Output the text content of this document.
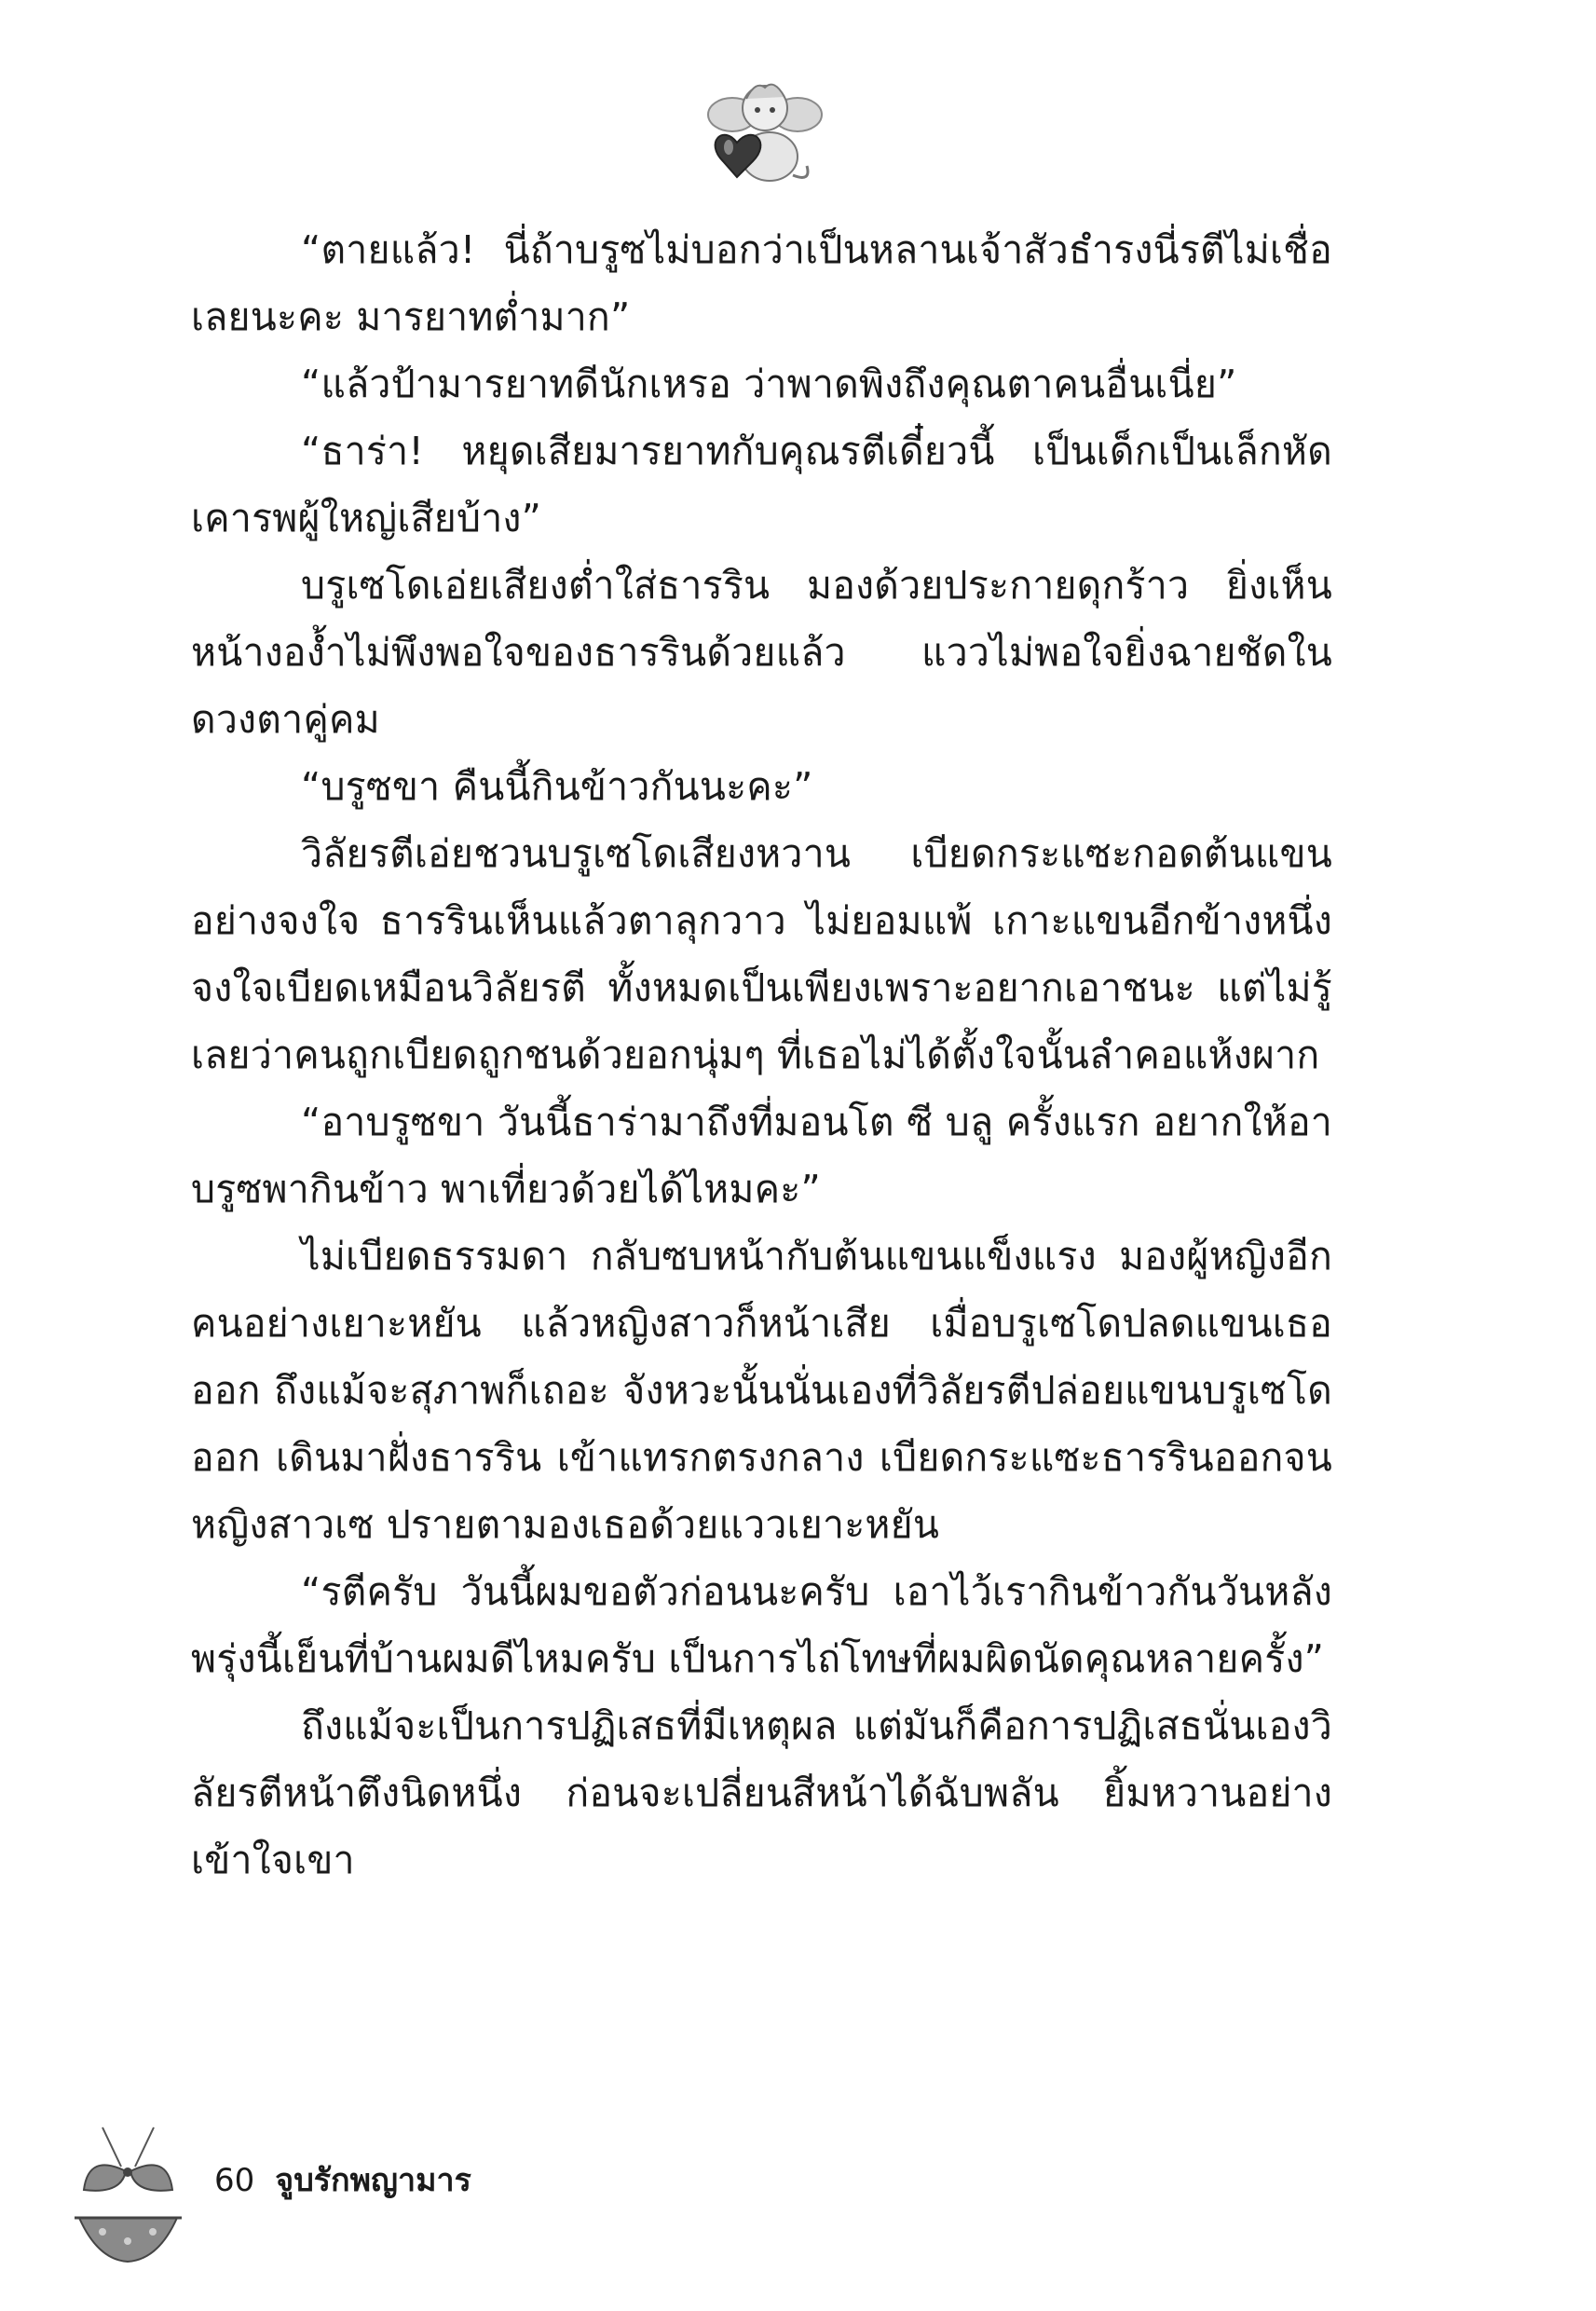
“ตายแล้ว! นี่ถ้าบรูซไม่บอกว่าเป็นหลานเจ้าสัวธำรงนี่รตีไม่เชื่อเลยนะคะ มารยาทต่ำมาก”

“แล้วป้ามารยาทดีนักเหรอ ว่าพาดพิงถึงคุณตาคนอื่นเนี่ย”

“ธาร่า! หยุดเสียมารยาทกับคุณรตีเดี๋ยวนี้ เป็นเด็กเป็นเล็กหัดเคารพผู้ใหญ่เสียบ้าง”

บรูเซโดเอ่ยเสียงต่ำใส่ธารริน มองด้วยประกายดุกร้าว ยิ่งเห็นหน้างอง้ำไม่พึงพอใจของธารรินด้วยแล้ว แววไม่พอใจยิ่งฉายชัดในดวงตาคู่คม

“บรูซขา คืนนี้กินข้าวกันนะคะ”

วิลัยรตีเอ่ยชวนบรูเซโดเสียงหวาน เบียดกระแซะกอดต้นแขนอย่างจงใจ ธารรินเห็นแล้วตาลุกวาว ไม่ยอมแพ้ เกาะแขนอีกข้างหนึ่งจงใจเบียดเหมือนวิลัยรตี ทั้งหมดเป็นเพียงเพราะอยากเอาชนะ แต่ไม่รู้เลยว่าคนถูกเบียดถูกชนด้วยอกนุ่มๆ ที่เธอไม่ได้ตั้งใจนั้นลำคอแห้งผาก

“อาบรูซขา วันนี้ธาร่ามาถึงที่มอนโต ซี บลู ครั้งแรก อยากให้อาบรูซพากินข้าว พาเที่ยวด้วยได้ไหมคะ”

ไม่เบียดธรรมดา กลับซบหน้ากับต้นแขนแข็งแรง มองผู้หญิงอีกคนอย่างเยาะหยัน แล้วหญิงสาวก็หน้าเสีย เมื่อบรูเซโดปลดแขนเธอออก ถึงแม้จะสุภาพก็เถอะ จังหวะนั้นนั่นเองที่วิลัยรตีปล่อยแขนบรูเซโดออก เดินมาฝั่งธารริน เข้าแทรกตรงกลาง เบียดกระแซะธารรินออกจนหญิงสาวเซ ปรายตามองเธอด้วยแววเยาะหยัน

“รตีครับ วันนี้ผมขอตัวก่อนนะครับ เอาไว้เรากินข้าวกันวันหลังพรุ่งนี้เย็นที่บ้านผมดีไหมครับ เป็นการไถ่โทษที่ผมผิดนัดคุณหลายครั้ง”

ถึงแม้จะเป็นการปฏิเสธที่มีเหตุผล แต่มันก็คือการปฏิเสธนั่นเองวิลัยรตีหน้าตึงนิดหนึ่ง ก่อนจะเปลี่ยนสีหน้าได้ฉับพลัน ยิ้มหวานอย่างเข้าใจเขา

60 จูบรักพญามาร
